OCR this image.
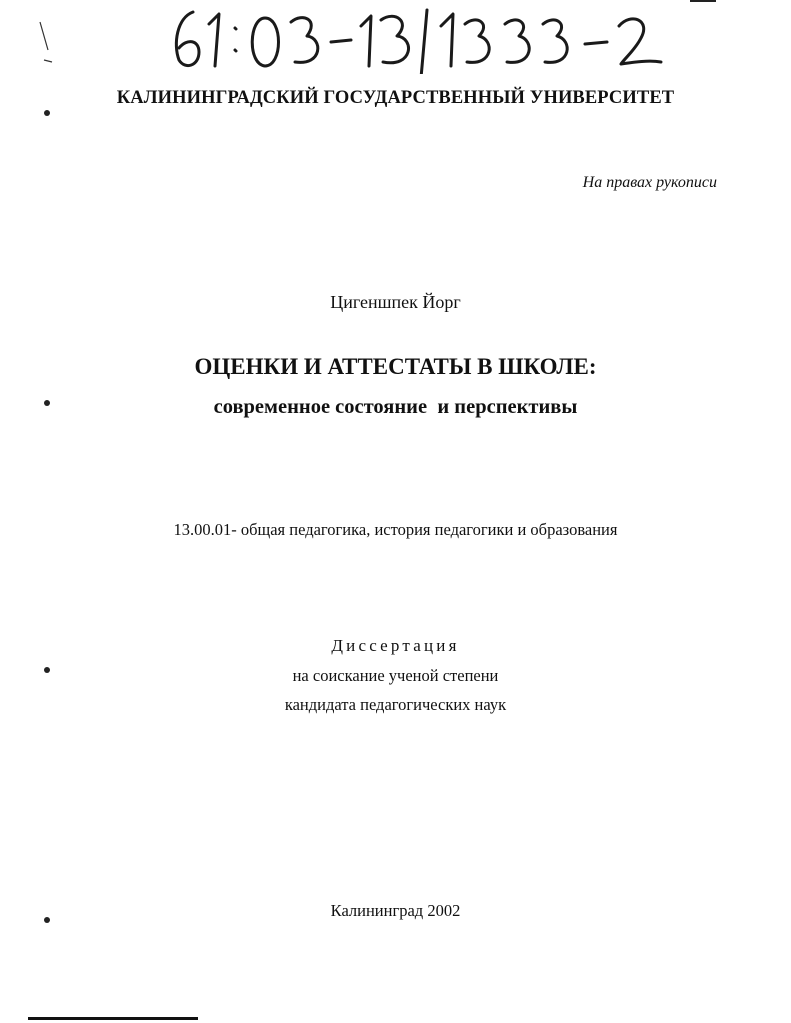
КАЛИНИНГРАДСКИЙ ГОСУДАРСТВЕННЫЙ УНИВЕРСИТЕТ
На правах рукописи
Цигеншпек Йорг
ОЦЕНКИ И АТТЕСТАТЫ В ШКОЛЕ:
современное состояние  и перспективы
13.00.01- общая педагогика, история педагогики и образования
Диссертация
на соискание ученой степени
кандидата педагогических наук
Калининград 2002
